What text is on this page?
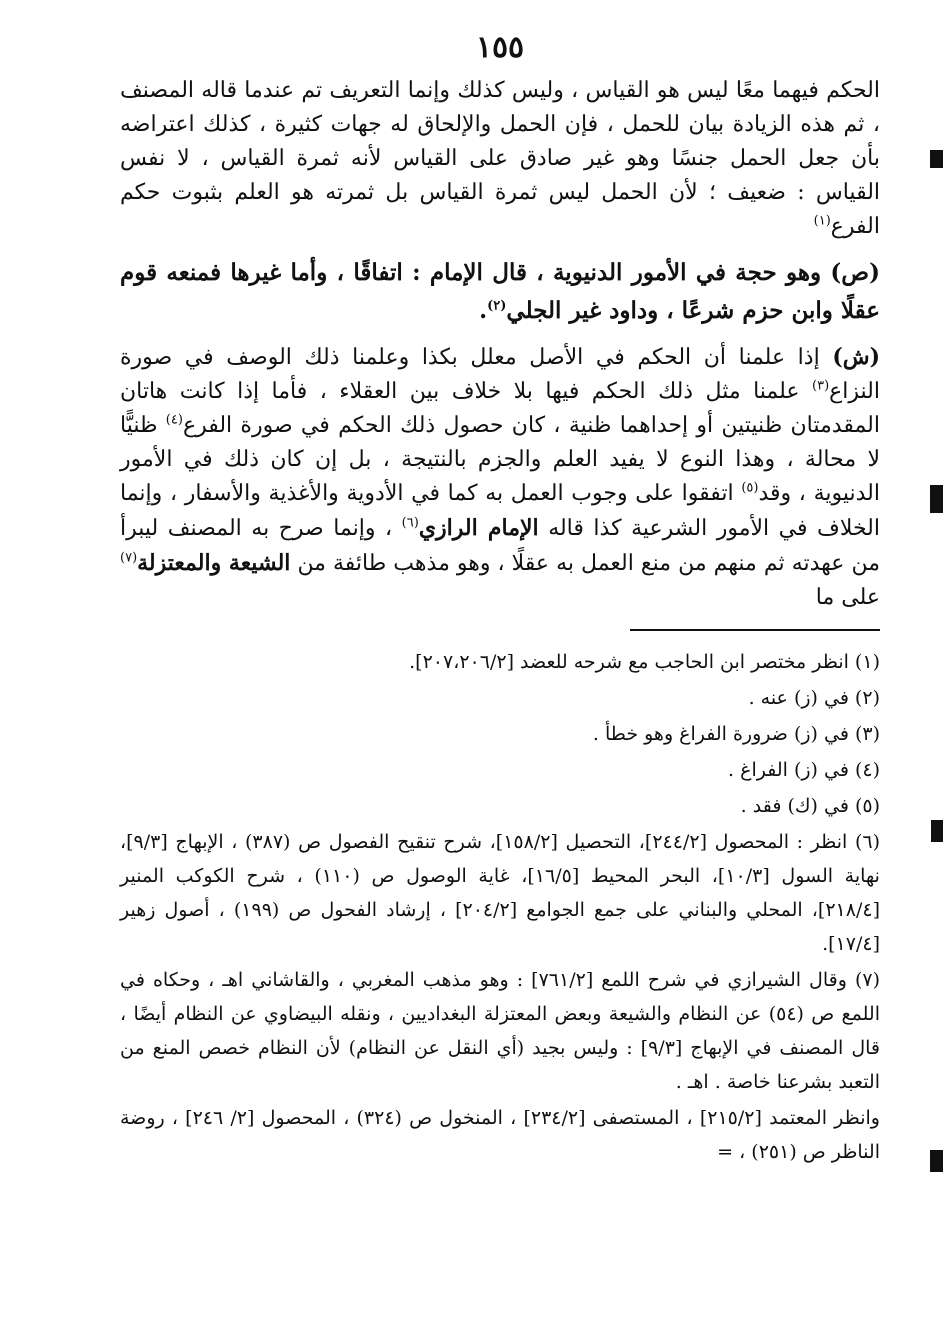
١٥٥

الحكم فيهما معًا ليس هو القياس ، وليس كذلك وإنما التعريف تم عندما قاله المصنف ، ثم هذه الزيادة بيان للحمل ، فإن الحمل والإلحاق له جهات كثيرة ، كذلك اعتراضه بأن جعل الحمل جنسًا وهو غير صادق على القياس لأنه ثمرة القياس ، لا نفس القياس : ضعيف ؛ لأن الحمل ليس ثمرة القياس بل ثمرته هو العلم بثبوت حكم الفرع$^{(١)}$

(ص) وهو حجة في الأمور الدنيوية ، قال الإمام : اتفاقًا ، وأما غيرها فمنعه قوم عقلًا وابن حزم شرعًا ، وداود غير الجلي$^{(٢)}$.

(ش) إذا علمنا أن الحكم في الأصل معلل بكذا وعلمنا ذلك الوصف في صورة النزاع$^{(٣)}$ علمنا مثل ذلك الحكم فيها بلا خلاف بين العقلاء ، فأما إذا كانت هاتان المقدمتان ظنيتين أو إحداهما ظنية ، كان حصول ذلك الحكم في صورة الفرع$^{(٤)}$ ظنيًّا لا محالة ، وهذا النوع لا يفيد العلم والجزم بالنتيجة ، بل إن كان ذلك في الأمور الدنيوية ، وقد$^{(٥)}$ اتفقوا على وجوب العمل به كما في الأدوية والأغذية والأسفار ، وإنما الخلاف في الأمور الشرعية كذا قاله الإمام الرازي$^{(٦)}$ ، وإنما صرح به المصنف ليبرأ من عهدته ثم منهم من منع العمل به عقلًا ، وهو مذهب طائفة من الشيعة والمعتزلة$^{(٧)}$ على ما

(١) انظر مختصر ابن الحاجب مع شرحه للعضد [٢٠٧،٢٠٦/٢].

(٢) في (ز) عنه .

(٣) في (ز) ضرورة الفراغ وهو خطأ .

(٤) في (ز) الفراغ .

(٥) في (ك) فقد .

(٦) انظر : المحصول [٢٤٤/٢]، التحصيل [١٥٨/٢]، شرح تنقيح الفصول ص (٣٨٧) ، الإبهاج [٩/٣]، نهاية السول [١٠/٣]، البحر المحيط [١٦/٥]، غاية الوصول ص (١١٠) ، شرح الكوكب المنير [٢١٨/٤]، المحلي والبناني على جمع الجوامع [٢٠٤/٢] ، إرشاد الفحول ص (١٩٩) ، أصول زهير [١٧/٤].

(٧) وقال الشيرازي في شرح اللمع [٧٦١/٢] : وهو مذهب المغربي ، والقاشاني اهـ ، وحكاه في اللمع ص (٥٤) عن النظام والشيعة وبعض المعتزلة البغداديين ، ونقله البيضاوي عن النظام أيضًا ، قال المصنف في الإبهاج [٩/٣] : وليس بجيد (أي النقل عن النظام) لأن النظام خصص المنع من التعبد بشرعنا خاصة . اهـ .

وانظر المعتمد [٢١٥/٢] ، المستصفى [٢٣٤/٢] ، المنخول ص (٣٢٤) ، المحصول [٢/ ٢٤٦] ، روضة الناظر ص (٢٥١) ، =
